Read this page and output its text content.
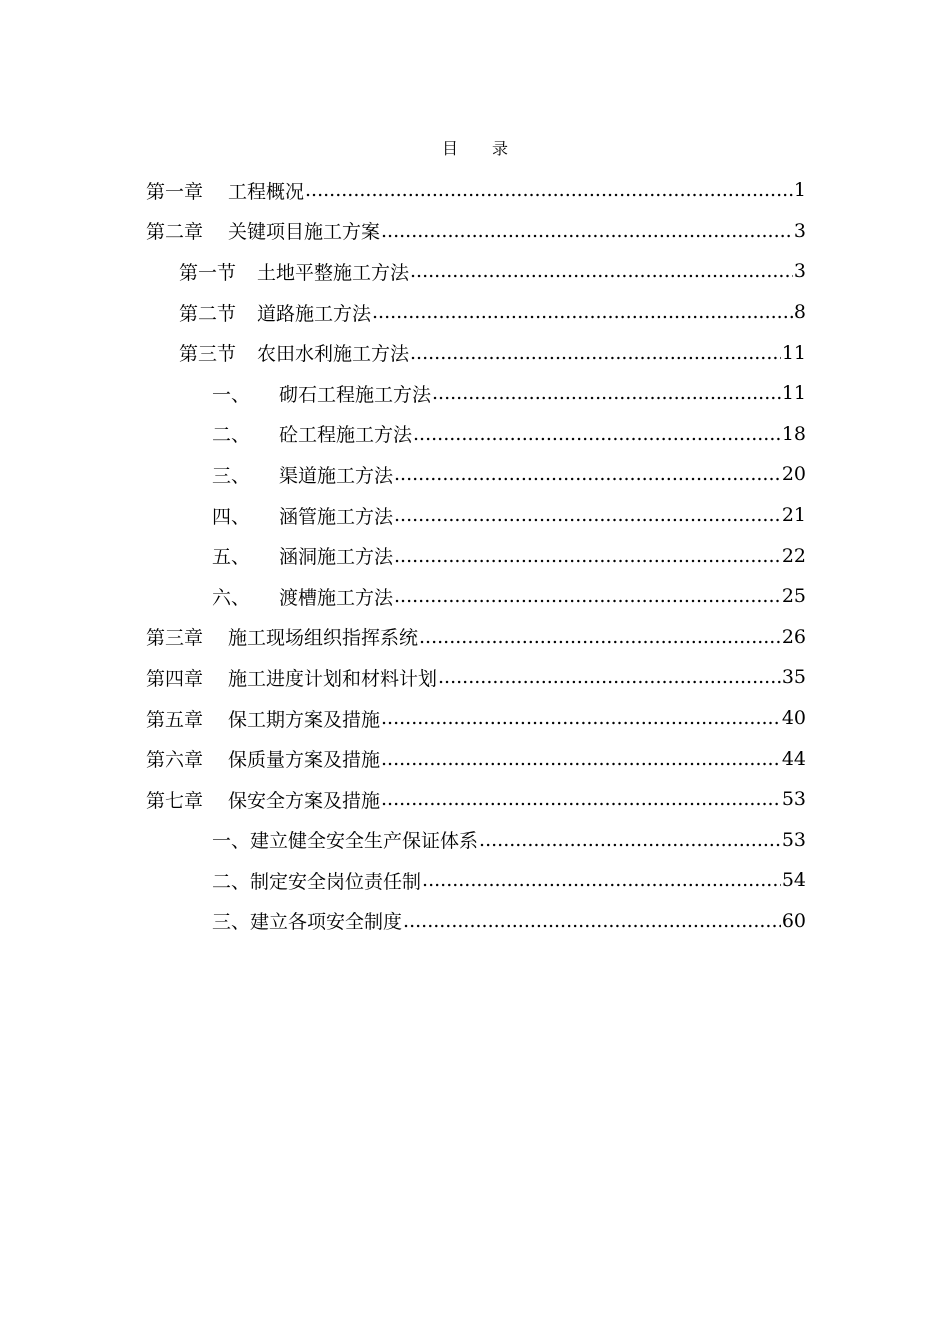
目 录
第一章	工程概况 .....	1
第二章	关键项目施工方案 .....	3
第一节	土地平整施工方法 .....	3
第二节	道路施工方法 .....	8
第三节	农田水利施工方法 .....	11
一、	砌石工程施工方法 .....	11
二、	砼工程施工方法 .....	18
三、	渠道施工方法 .....	20
四、	涵管施工方法 .....	21
五、	涵洞施工方法 .....	22
六、	渡槽施工方法 .....	25
第三章	施工现场组织指挥系统 .....	26
第四章	施工进度计划和材料计划 .....	35
第五章	保工期方案及措施 .....	40
第六章	保质量方案及措施 .....	44
第七章	保安全方案及措施 .....	53
一、 建立健全安全生产保证体系 .....	53
二、 制定安全岗位责任制 .....	54
三、 建立各项安全制度 .....	60
